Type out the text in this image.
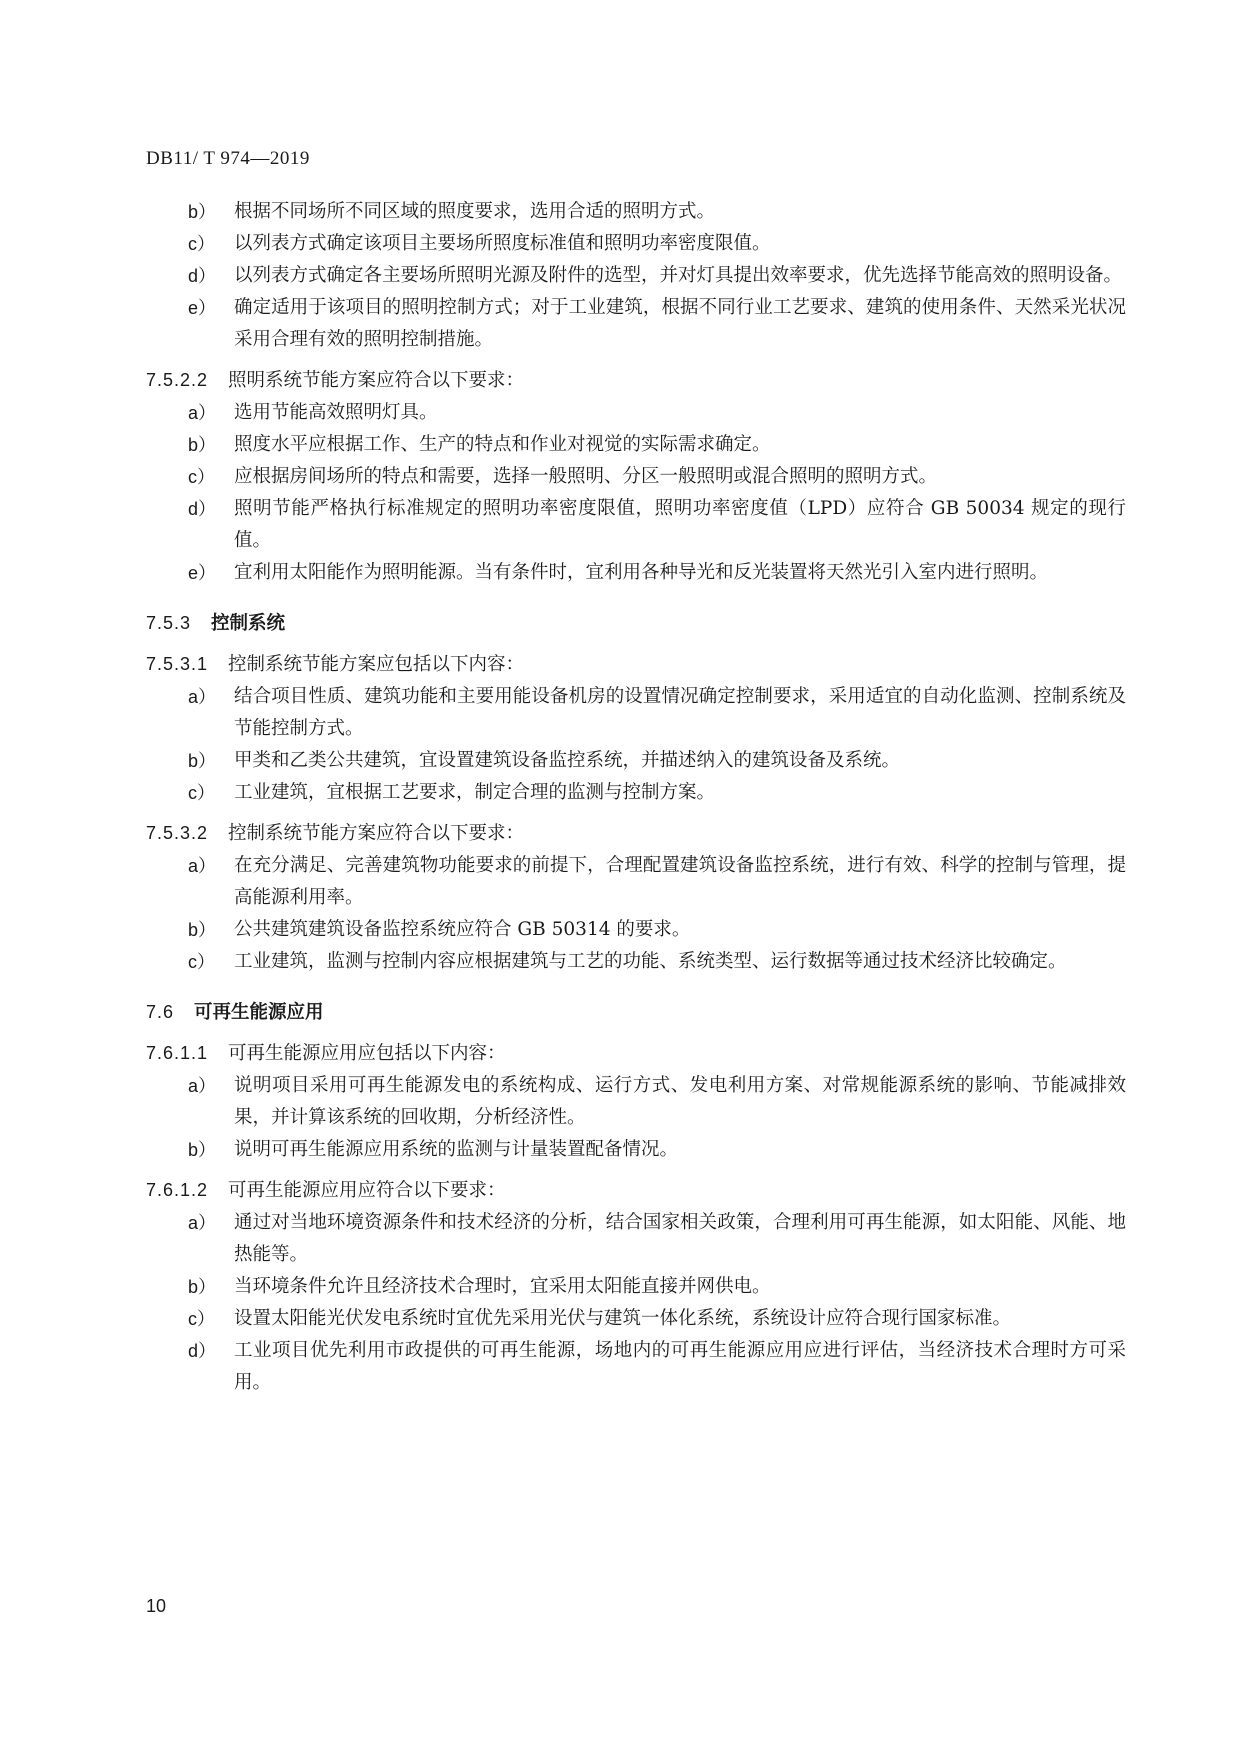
DB11/ T 974—2019
b） 根据不同场所不同区域的照度要求，选用合适的照明方式。
c） 以列表方式确定该项目主要场所照度标准值和照明功率密度限值。
d） 以列表方式确定各主要场所照明光源及附件的选型，并对灯具提出效率要求，优先选择节能高效的照明设备。
e） 确定适用于该项目的照明控制方式；对于工业建筑，根据不同行业工艺要求、建筑的使用条件、天然采光状况采用合理有效的照明控制措施。
7.5.2.2 照明系统节能方案应符合以下要求：
a） 选用节能高效照明灯具。
b） 照度水平应根据工作、生产的特点和作业对视觉的实际需求确定。
c） 应根据房间场所的特点和需要，选择一般照明、分区一般照明或混合照明的照明方式。
d） 照明节能严格执行标准规定的照明功率密度限值，照明功率密度值（LPD）应符合 GB 50034 规定的现行值。
e） 宜利用太阳能作为照明能源。当有条件时，宜利用各种导光和反光装置将天然光引入室内进行照明。
7.5.3 控制系统
7.5.3.1 控制系统节能方案应包括以下内容：
a） 结合项目性质、建筑功能和主要用能设备机房的设置情况确定控制要求，采用适宜的自动化监测、控制系统及节能控制方式。
b） 甲类和乙类公共建筑，宜设置建筑设备监控系统，并描述纳入的建筑设备及系统。
c） 工业建筑，宜根据工艺要求，制定合理的监测与控制方案。
7.5.3.2 控制系统节能方案应符合以下要求：
a） 在充分满足、完善建筑物功能要求的前提下，合理配置建筑设备监控系统，进行有效、科学的控制与管理，提高能源利用率。
b） 公共建筑建筑设备监控系统应符合 GB 50314 的要求。
c） 工业建筑，监测与控制内容应根据建筑与工艺的功能、系统类型、运行数据等通过技术经济比较确定。
7.6 可再生能源应用
7.6.1.1 可再生能源应用应包括以下内容：
a） 说明项目采用可再生能源发电的系统构成、运行方式、发电利用方案、对常规能源系统的影响、节能减排效果，并计算该系统的回收期，分析经济性。
b） 说明可再生能源应用系统的监测与计量装置配备情况。
7.6.1.2 可再生能源应用应符合以下要求：
a） 通过对当地环境资源条件和技术经济的分析，结合国家相关政策，合理利用可再生能源，如太阳能、风能、地热能等。
b） 当环境条件允许且经济技术合理时，宜采用太阳能直接并网供电。
c） 设置太阳能光伏发电系统时宜优先采用光伏与建筑一体化系统，系统设计应符合现行国家标准。
d） 工业项目优先利用市政提供的可再生能源，场地内的可再生能源应用应进行评估，当经济技术合理时方可采用。
10
